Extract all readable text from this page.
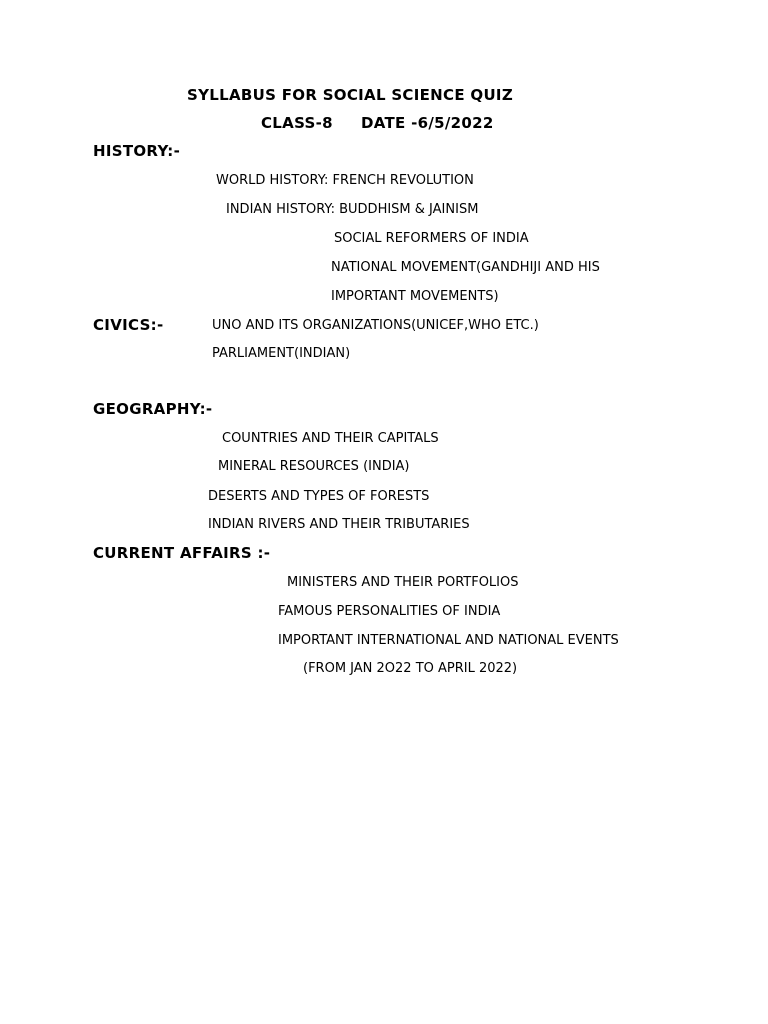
SYLLABUS FOR SOCIAL SCIENCE QUIZ
CLASS-8 DATE -6/5/2022
HISTORY:-
WORLD HISTORY: FRENCH REVOLUTION
INDIAN HISTORY: BUDDHISM & JAINISM
SOCIAL REFORMERS OF INDIA
NATIONAL MOVEMENT(GANDHIJI AND HIS
IMPORTANT MOVEMENTS)
CIVICS:-	UNO AND ITS ORGANIZATIONS(UNICEF,WHO ETC.)
PARLIAMENT(INDIAN)
GEOGRAPHY:-
COUNTRIES AND THEIR CAPITALS
MINERAL RESOURCES (INDIA)
DESERTS AND TYPES OF FORESTS
INDIAN RIVERS AND THEIR TRIBUTARIES
CURRENT AFFAIRS :-
MINISTERS AND THEIR PORTFOLIOS
FAMOUS PERSONALITIES OF INDIA
IMPORTANT INTERNATIONAL AND NATIONAL EVENTS
(FROM JAN 2O22 TO APRIL 2022)
